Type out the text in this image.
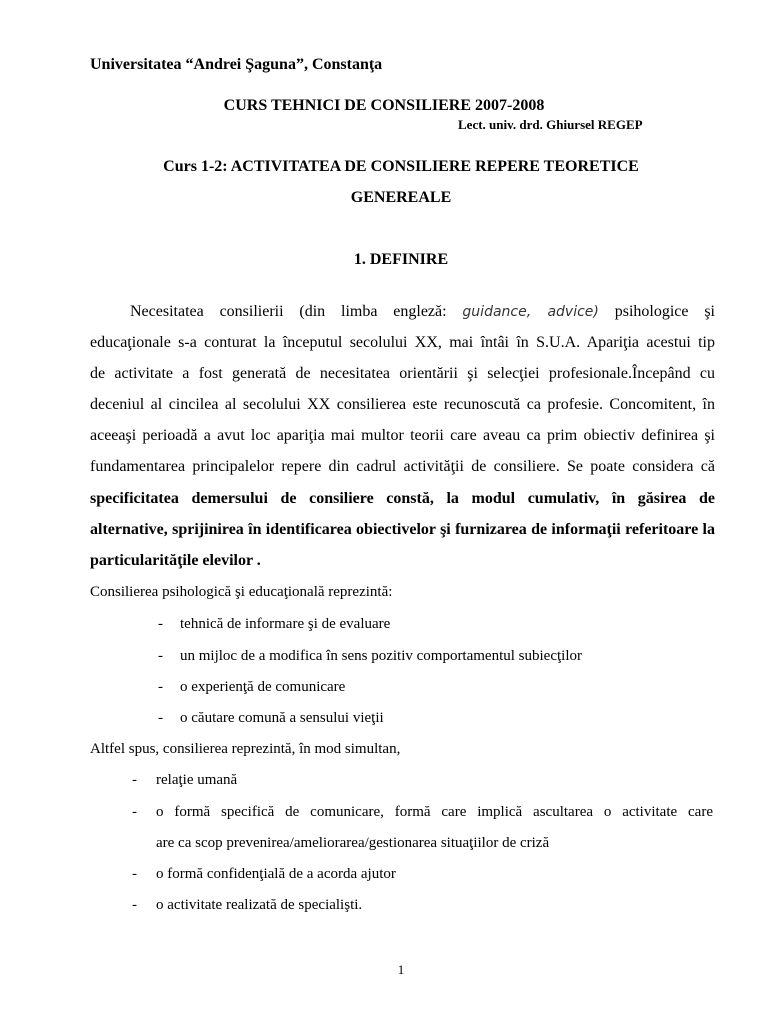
Universitatea “Andrei Şaguna”, Constanţa
CURS TEHNICI DE CONSILIERE 2007-2008
Lect. univ. drd. Ghiursel REGEP
Curs 1-2: ACTIVITATEA DE CONSILIERE REPERE TEORETICE
GENEREALE
1. DEFINIRE
Necesitatea consilierii (din limba engleză: guidance, advice) psihologice şi
educaţionale s-a conturat la începutul secolului XX, mai întâi în S.U.A. Apariţia acestui tip
de activitate a fost generată de necesitatea orientării şi selecţiei profesionale.Începând cu
deceniul al cincilea al secolului XX consilierea este recunoscută ca profesie. Concomitent, în
aceeaşi perioadă a avut loc apariţia mai multor teorii care aveau ca prim obiectiv definirea şi
fundamentarea principalelor repere din cadrul activităţii de consiliere. Se poate considera că
specificitatea demersului de consiliere constă, la modul cumulativ, în găsirea de
alternative, sprijinirea în identificarea obiectivelor şi furnizarea de informaţii referitoare la
particularităţile elevilor .
Consilierea psihologică şi educaţională reprezintă:
- tehnică de informare şi de evaluare
- un mijloc de a modifica în sens pozitiv comportamentul subiecţilor
- o experienţă de comunicare
- o căutare comună a sensului vieţii
Altfel spus, consilierea reprezintă, în mod simultan,
- relaţie umană
- o formă specifică de comunicare, formă care implică ascultarea o activitate care
are ca scop prevenirea/ameliorarea/gestionarea situaţiilor de criză
- o formă confidenţială de a acorda ajutor
- o activitate realizată de specialişti.
1
